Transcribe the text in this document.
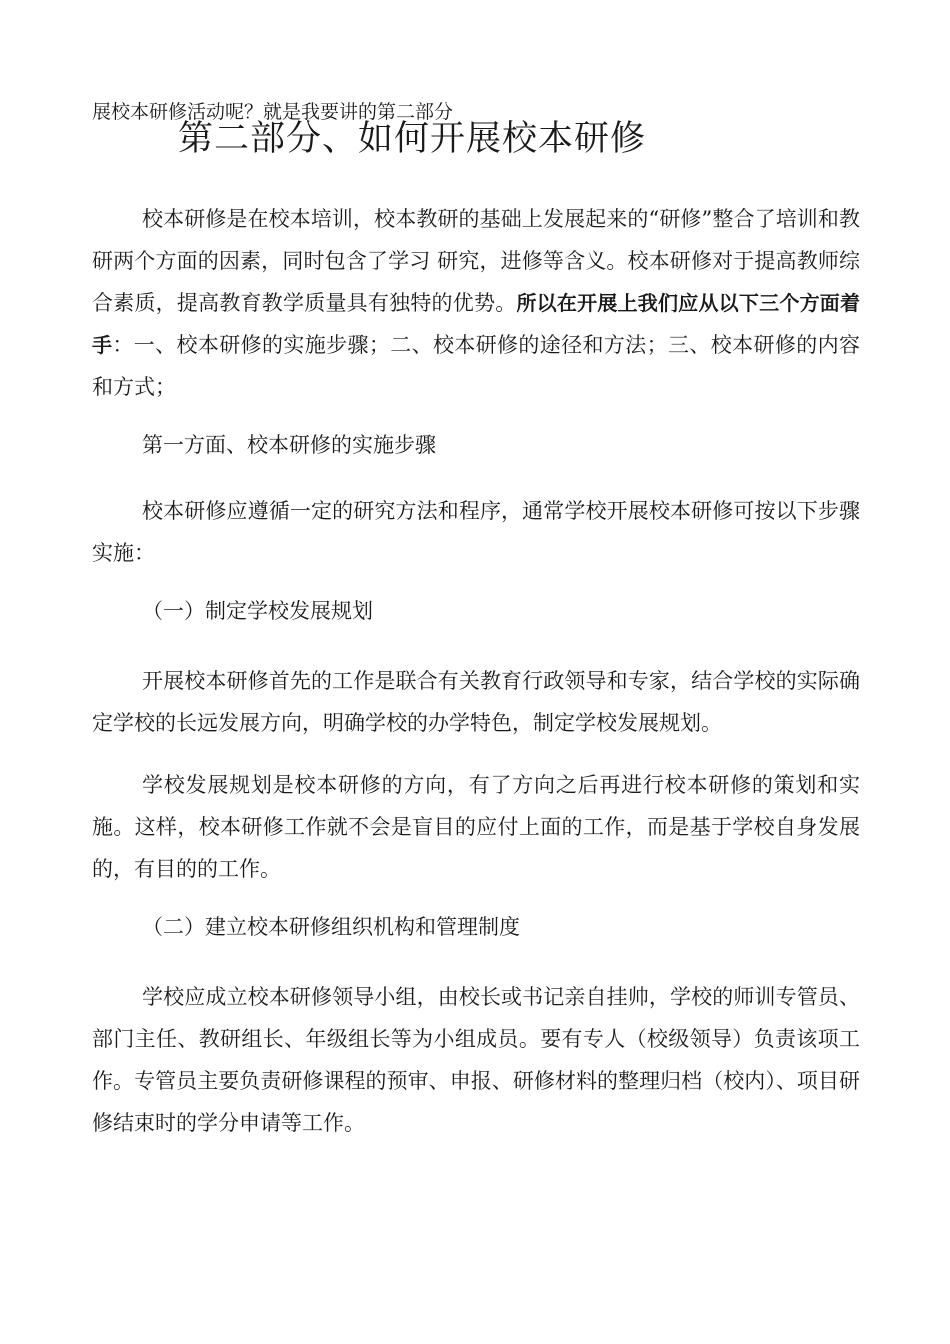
展校本研修活动呢？就是我要讲的第二部分
第二部分、如何开展校本研修

校本研修是在校本培训，校本教研的基础上发展起来的“研修”整合了培训和教研两个方面的因素，同时包含了学习 研究，进修等含义。校本研修对于提高教师综合素质，提高教育教学质量具有独特的优势。所以在开展上我们应从以下三个方面着手：一、校本研修的实施步骤；二、校本研修的途径和方法；三、校本研修的内容和方式；

第一方面、校本研修的实施步骤

校本研修应遵循一定的研究方法和程序，通常学校开展校本研修可按以下步骤实施：

（一）制定学校发展规划

开展校本研修首先的工作是联合有关教育行政领导和专家，结合学校的实际确定学校的长远发展方向，明确学校的办学特色，制定学校发展规划。

学校发展规划是校本研修的方向，有了方向之后再进行校本研修的策划和实施。这样，校本研修工作就不会是盲目的应付上面的工作，而是基于学校自身发展的，有目的的工作。

（二）建立校本研修组织机构和管理制度

学校应成立校本研修领导小组，由校长或书记亲自挂帅，学校的师训专管员、部门主任、教研组长、年级组长等为小组成员。要有专人（校级领导）负责该项工作。专管员主要负责研修课程的预审、申报、研修材料的整理归档（校内）、项目研修结束时的学分申请等工作。
